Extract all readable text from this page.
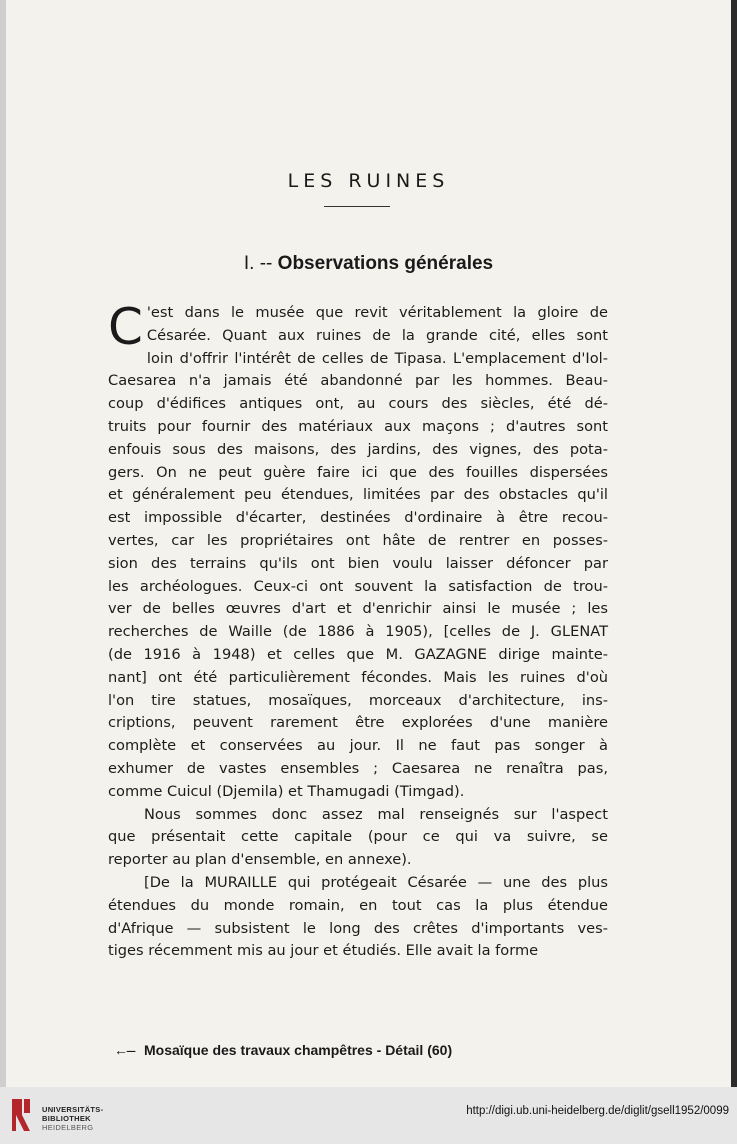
LES RUINES
I. -- Observations générales
C 'est dans le musée que revit véritablement la gloire de

Césarée. Quant aux ruines de la grande cité, elles sont

loin d'offrir l'intérêt de celles de Tipasa. L'emplacement d'Iol-

Caesarea n'a jamais été abandonné par les hommes. Beau-

coup d'édifices antiques ont, au cours des siècles, été dé-

truits pour fournir des matériaux aux maçons ; d'autres sont

enfouis sous des maisons, des jardins, des vignes, des pota-

gers. On ne peut guère faire ici que des fouilles dispersées

et généralement peu étendues, limitées par des obstacles qu'il

est impossible d'écarter, destinées d'ordinaire à être recou-

vertes, car les propriétaires ont hâte de rentrer en posses-

sion des terrains qu'ils ont bien voulu laisser défoncer par

les archéologues. Ceux-ci ont souvent la satisfaction de trou-

ver de belles œuvres d'art et d'enrichir ainsi le musée ; les

recherches de Waille (de 1886 à 1905), [celles de J. GLENAT

(de 1916 à 1948) et celles que M. GAZAGNE dirige mainte-

nant] ont été particulièrement fécondes. Mais les ruines d'où

l'on tire statues, mosaïques, morceaux d'architecture, ins-

criptions, peuvent rarement être explorées d'une manière

complète et conservées au jour. Il ne faut pas songer à

exhumer de vastes ensembles ; Caesarea ne renaîtra pas,

comme Cuicul (Djemila) et Thamugadi (Timgad).

Nous sommes donc assez mal renseignés sur l'aspect

que présentait cette capitale (pour ce qui va suivre, se

reporter au plan d'ensemble, en annexe).

[De la MURAILLE qui protégeait Césarée — une des plus

étendues du monde romain, en tout cas la plus étendue

d'Afrique — subsistent le long des crêtes d'importants ves-

tiges récemment mis au jour et étudiés. Elle avait la forme

←--- Mosaïque des travaux champêtres - Détail (60)
UNIVERSITÄTS-
BIBLIOTHEK
HEIDELBERG
http://digi.ub.uni-heidelberg.de/diglit/gsell1952/0099
